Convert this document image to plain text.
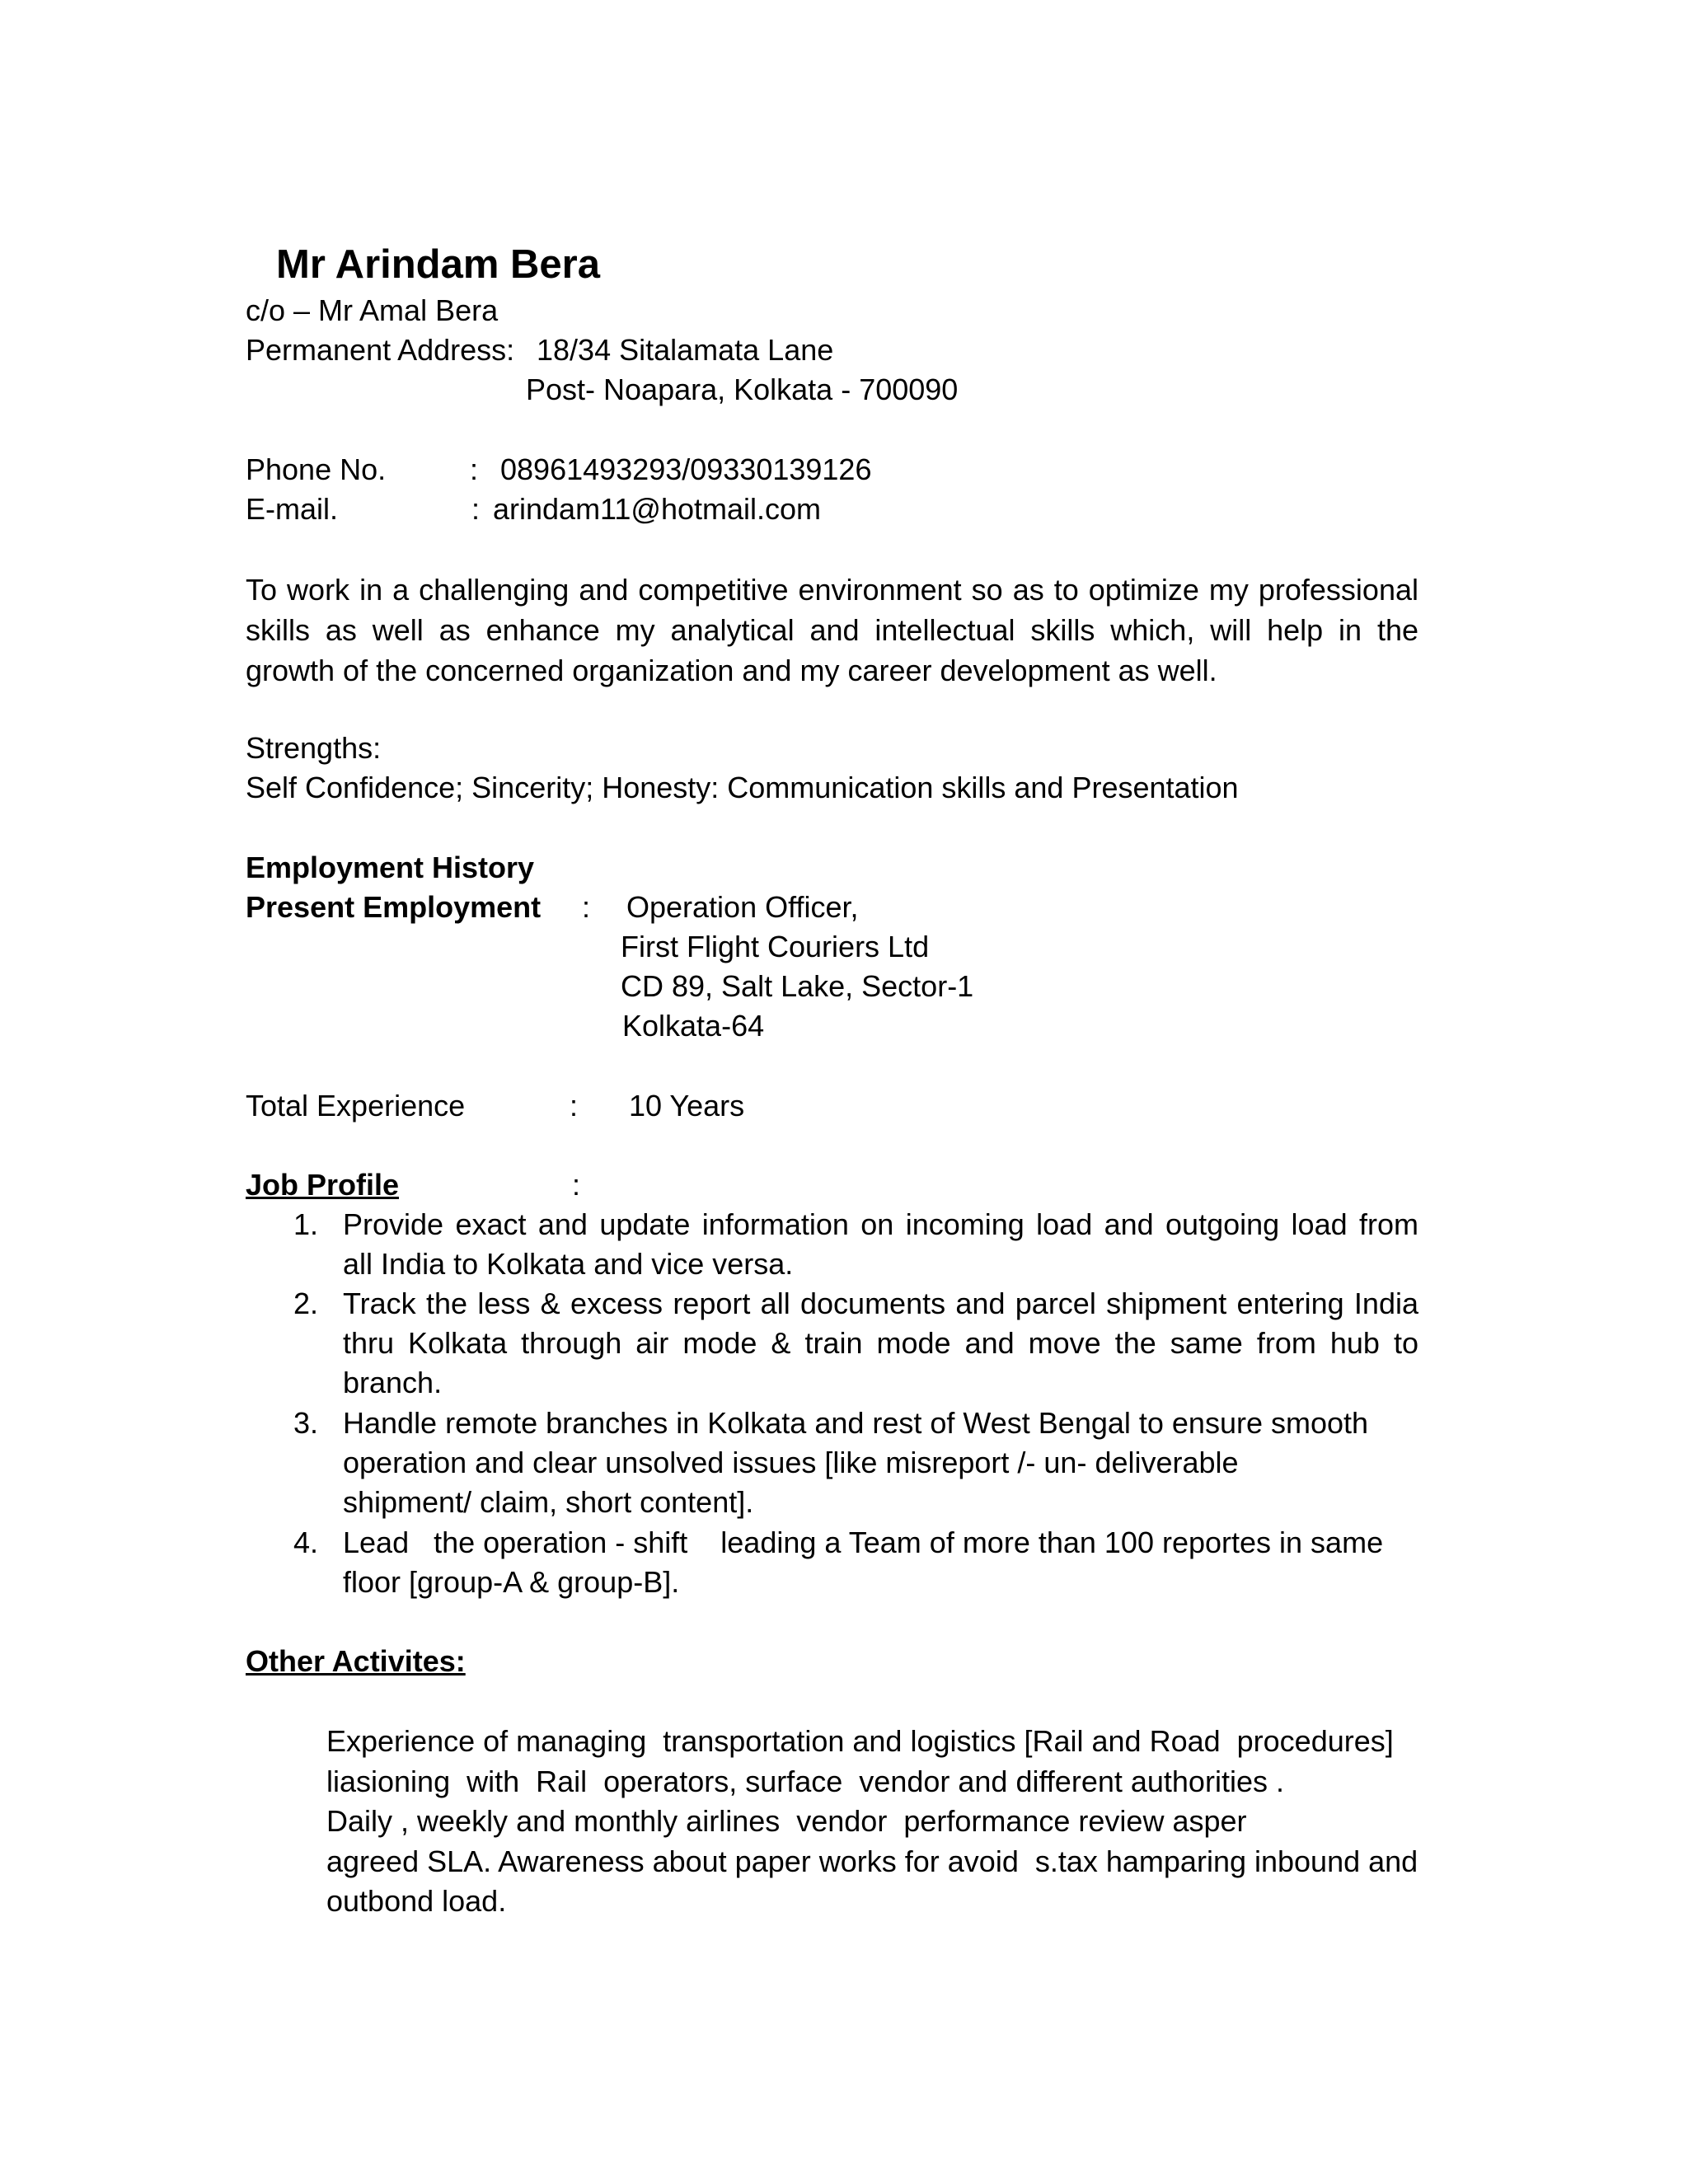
Mr Arindam Bera
c/o – Mr Amal Bera
Permanent Address: 18/34 Sitalamata Lane
Post- Noapara, Kolkata - 700090
Phone No.	: 08961493293/09330139126
E-mail.	: arindam11@hotmail.com
To work in a challenging and competitive environment so as to optimize my professional
skills as well as enhance my analytical and intellectual skills which, will help in the
growth of the concerned organization and my career development as well.
Strengths:
Self Confidence; Sincerity; Honesty: Communication skills and Presentation
Employment History
Present Employment : Operation Officer,
First Flight Couriers Ltd
CD 89, Salt Lake, Sector-1
Kolkata-64
Total Experience	: 10 Years
Job Profile	:
1. Provide exact and update information on incoming load and outgoing load from
all India to Kolkata and vice versa.
2. Track the less & excess report all documents and parcel shipment entering India
thru Kolkata through air mode & train mode and move the same from hub to
branch.
3. Handle remote branches in Kolkata and rest of West Bengal to ensure smooth
operation and clear unsolved issues [like misreport /- un- deliverable
shipment/ claim, short content].
4. Lead   the operation - shift    leading a Team of more than 100 reportes in same
floor [group-A & group-B].
Other Activites:
Experience of managing  transportation and logistics [Rail and Road  procedures]
liasioning  with  Rail  operators, surface  vendor and different authorities .
Daily , weekly and monthly airlines  vendor  performance review asper
agreed SLA. Awareness about paper works for avoid  s.tax hamparing inbound and
outbond load.
